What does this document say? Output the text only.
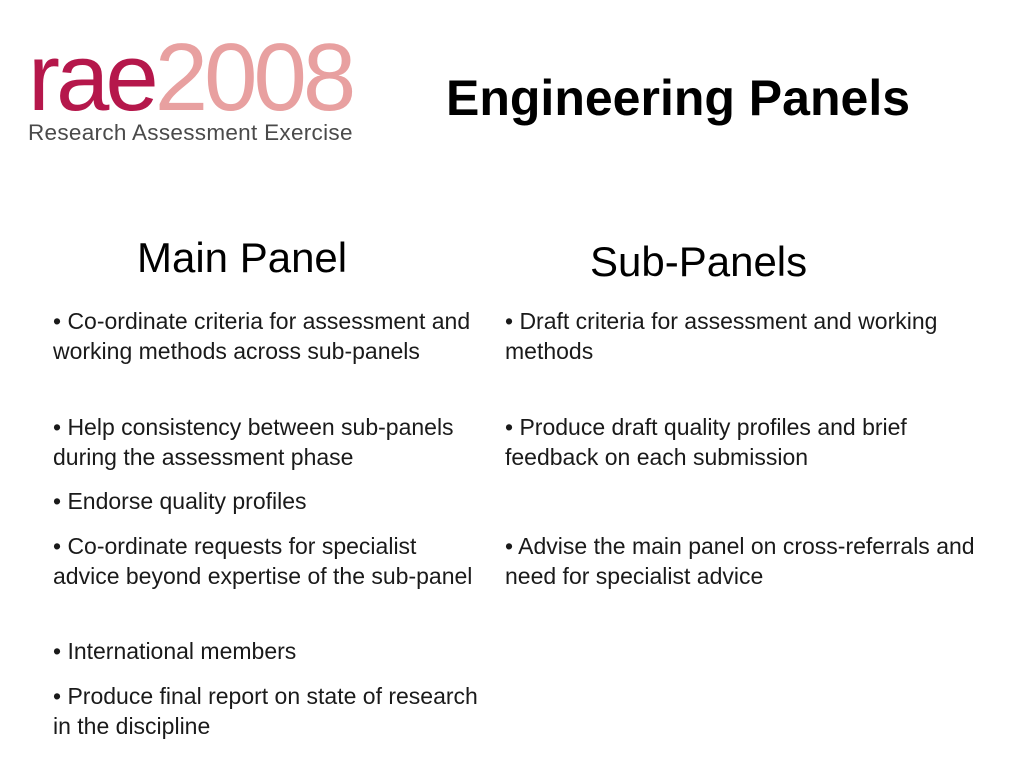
rae2008
Research Assessment Exercise
Engineering Panels
Main Panel	Sub-Panels

• Co-ordinate criteria for assessment and working methods across sub-panels

• Help consistency between sub-panels during the assessment phase

• Endorse quality profiles

• Co-ordinate requests for specialist advice beyond expertise of the sub-panel

• International members

• Produce final report on state of research in the discipline

• Draft criteria for assessment and working methods

• Produce draft quality profiles and brief feedback on each submission

• Advise the main panel on cross-referrals and need for specialist advice
